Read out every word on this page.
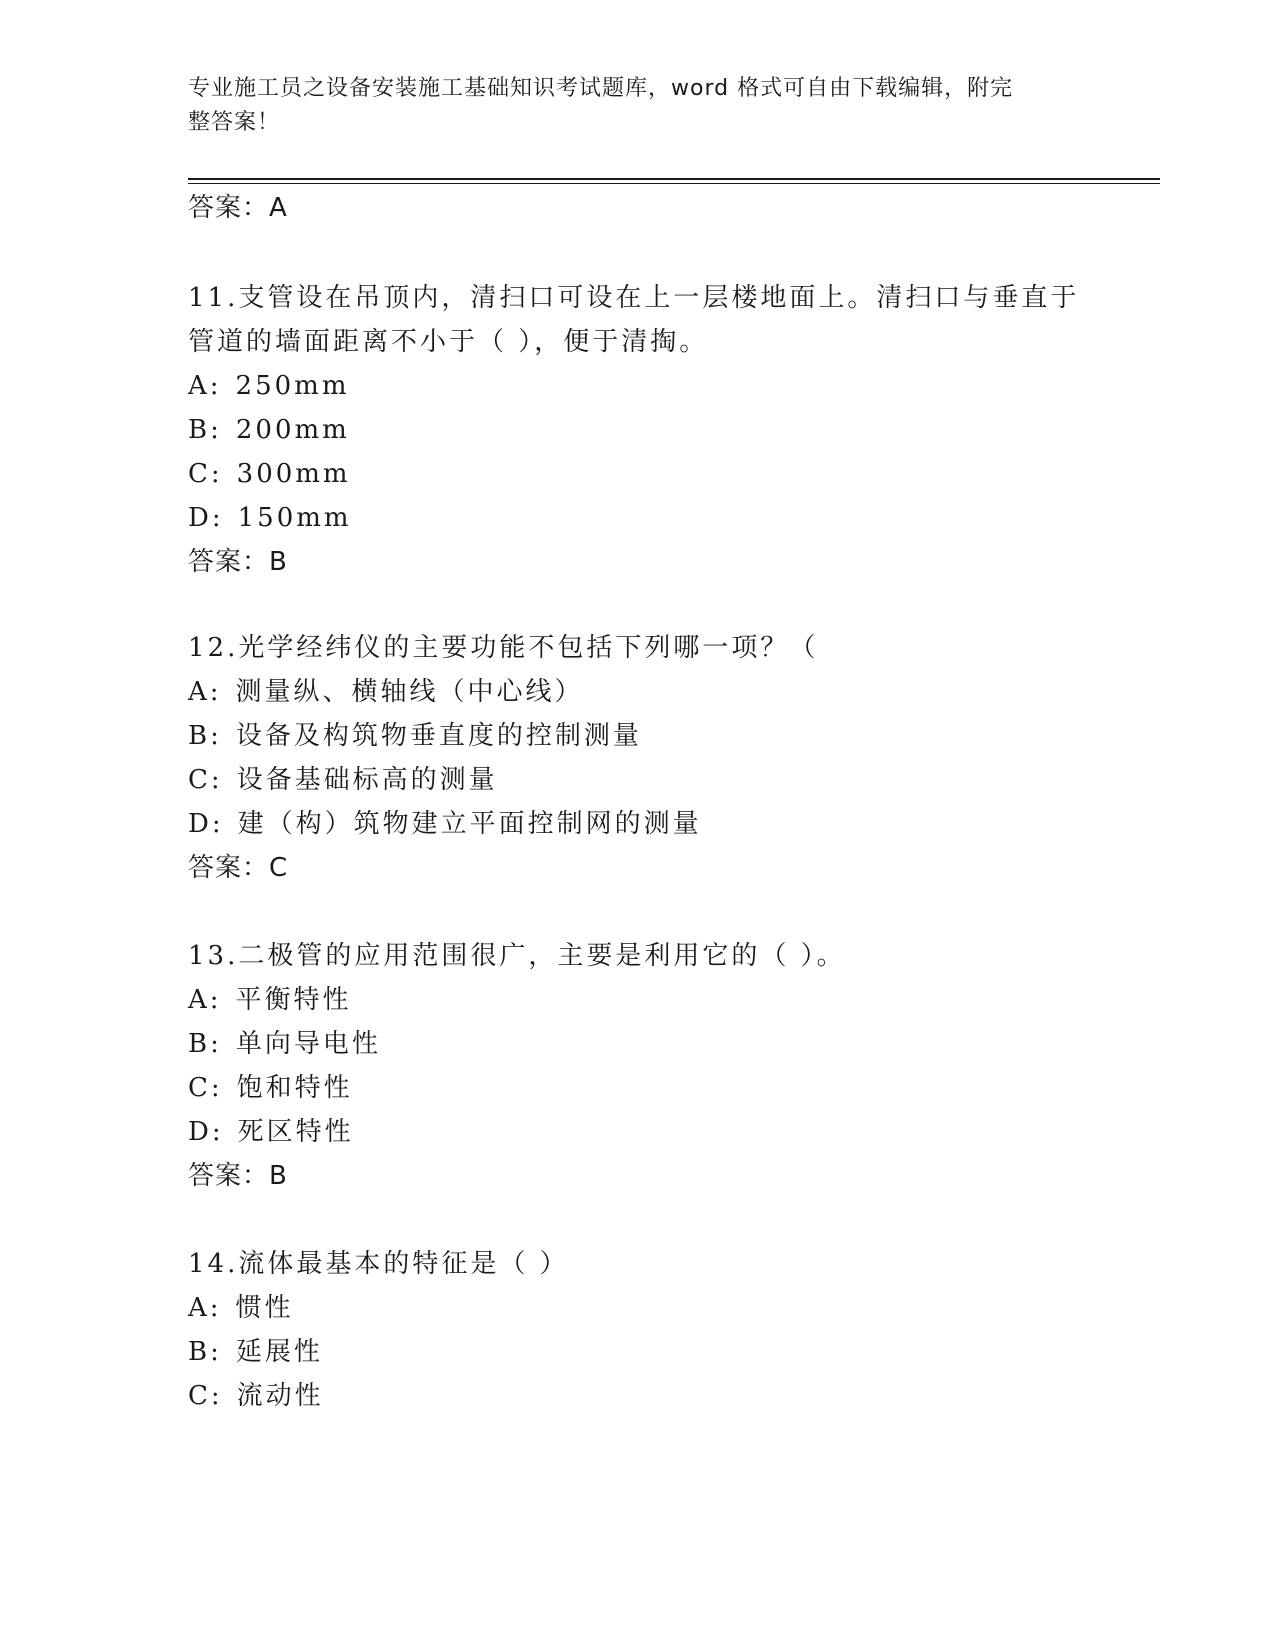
专业施工员之设备安装施工基础知识考试题库，word 格式可自由下载编辑，附完
整答案！
答案：A
11.支管设在吊顶内，清扫口可设在上一层楼地面上。清扫口与垂直于
管道的墙面距离不小于（ ），便于清掏。
A: 250mm
B: 200mm
C: 300mm
D: 150mm
答案：B
12.光学经纬仪的主要功能不包括下列哪一项？（
A: 测量纵、横轴线（中心线）
B: 设备及构筑物垂直度的控制测量
C: 设备基础标高的测量
D: 建（构）筑物建立平面控制网的测量
答案：C
13.二极管的应用范围很广，主要是利用它的（ ）。
A: 平衡特性
B: 单向导电性
C: 饱和特性
D: 死区特性
答案：B
14.流体最基本的特征是（ ）
A: 惯性
B: 延展性
C: 流动性
